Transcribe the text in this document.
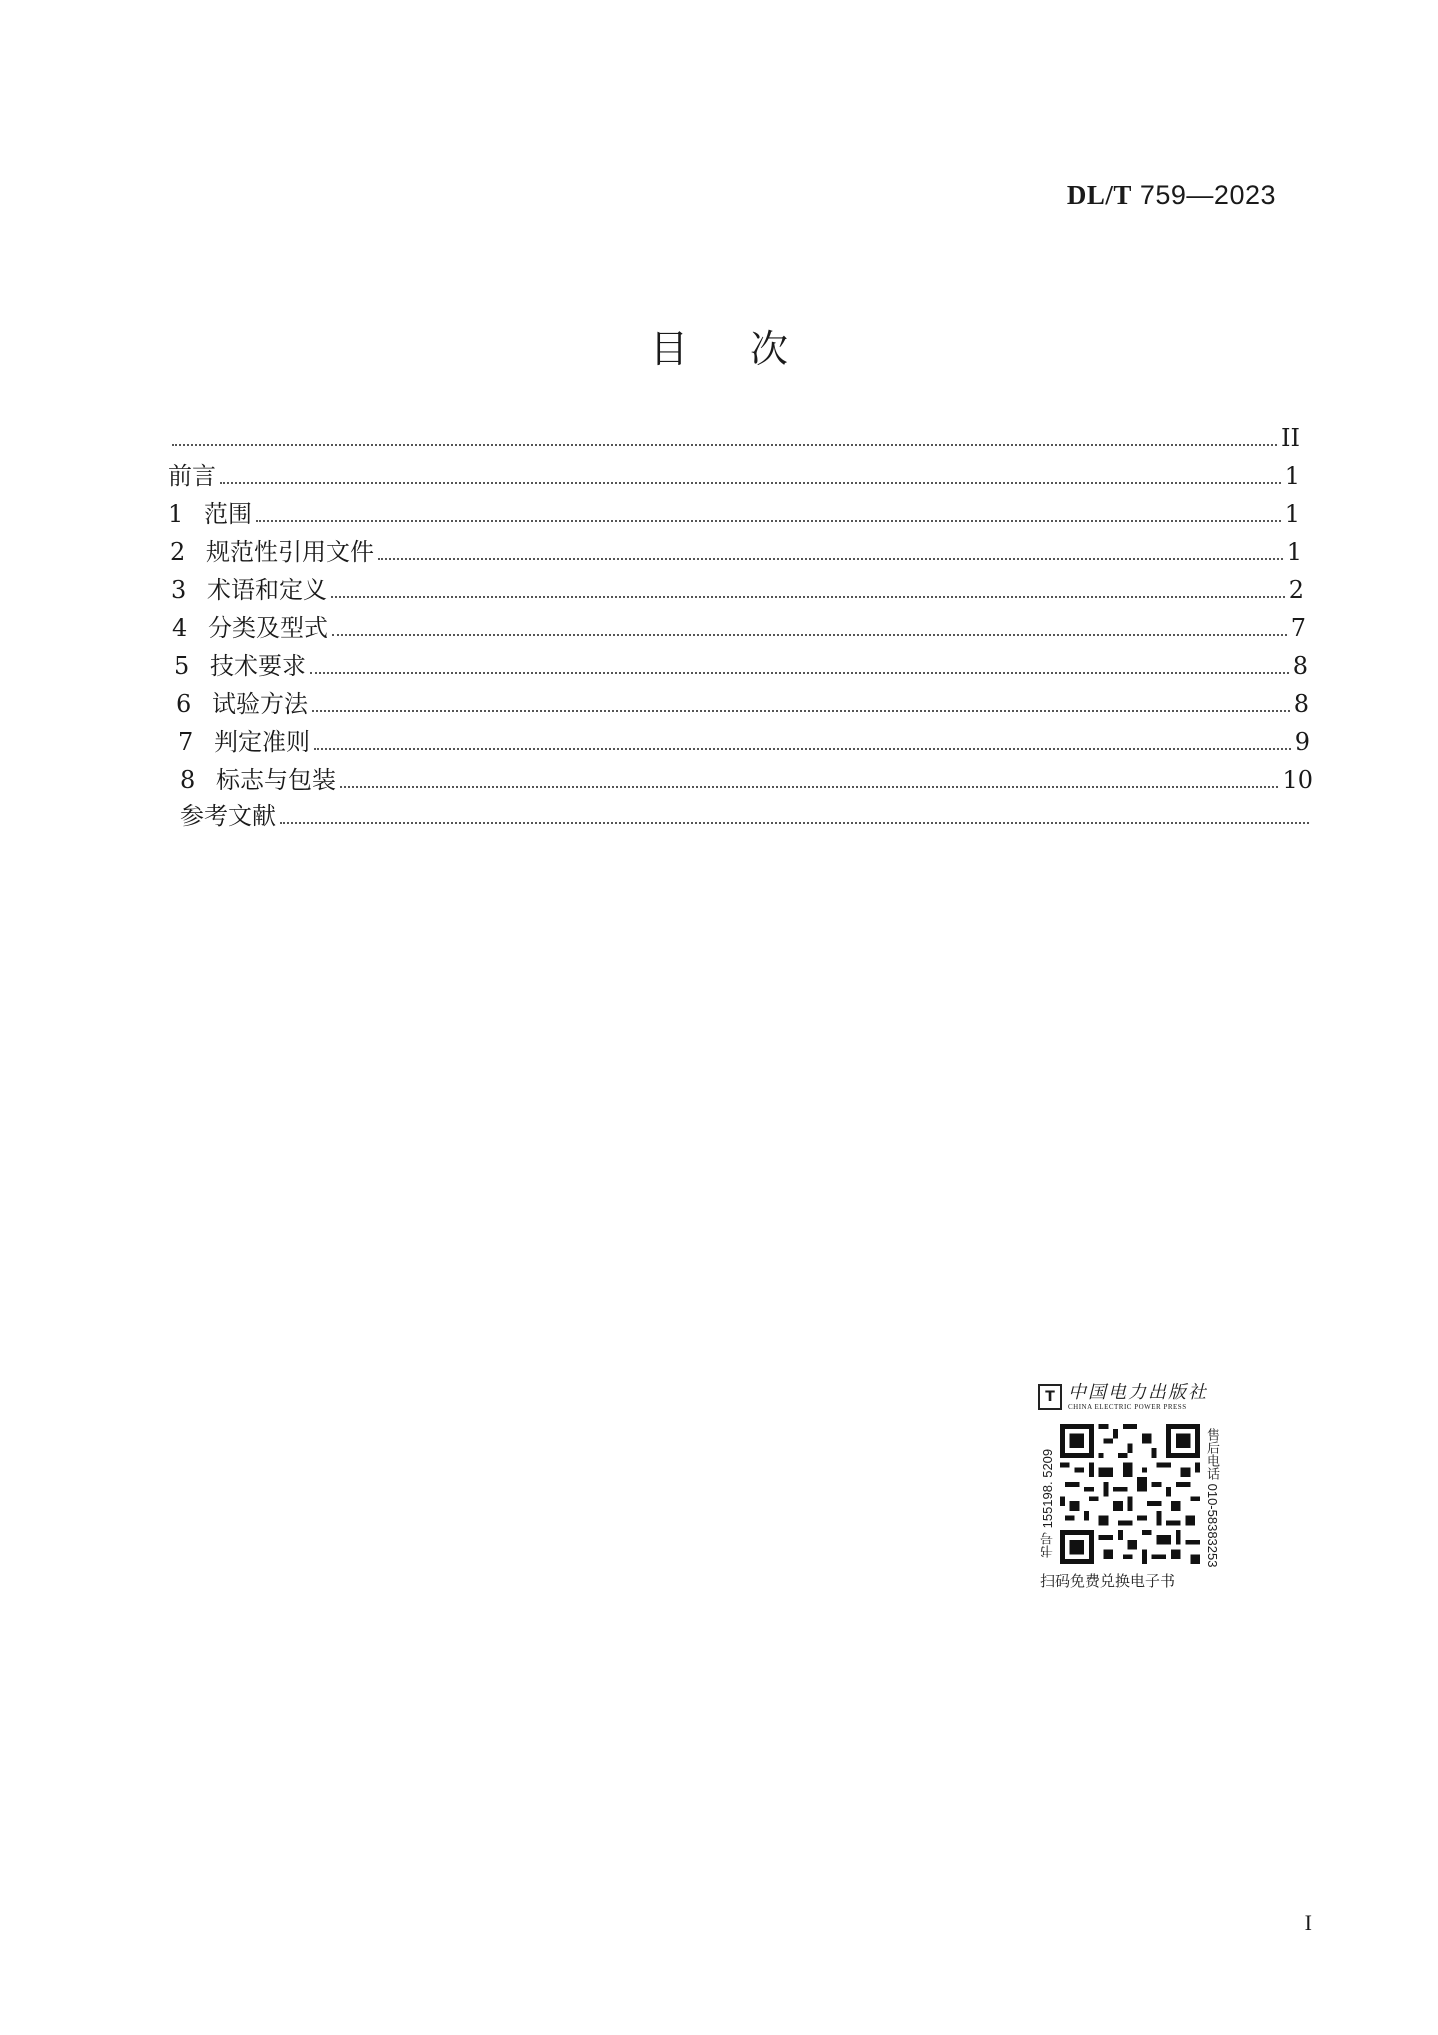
DL/T 759—2023
目 次
II
前言	1
1 范围	1
2 规范性引用文件	1
3 术语和定义	2
4 分类及型式	7
5 技术要求	8
6 试验方法	8
7 判定准则	9
8 标志与包装	10
参考文献
T 中国电力出版社
CHINA ELECTRIC POWER PRESS
书号 155198. 5209	售后电话 010-58383253
扫码免费兑换电子书
I
